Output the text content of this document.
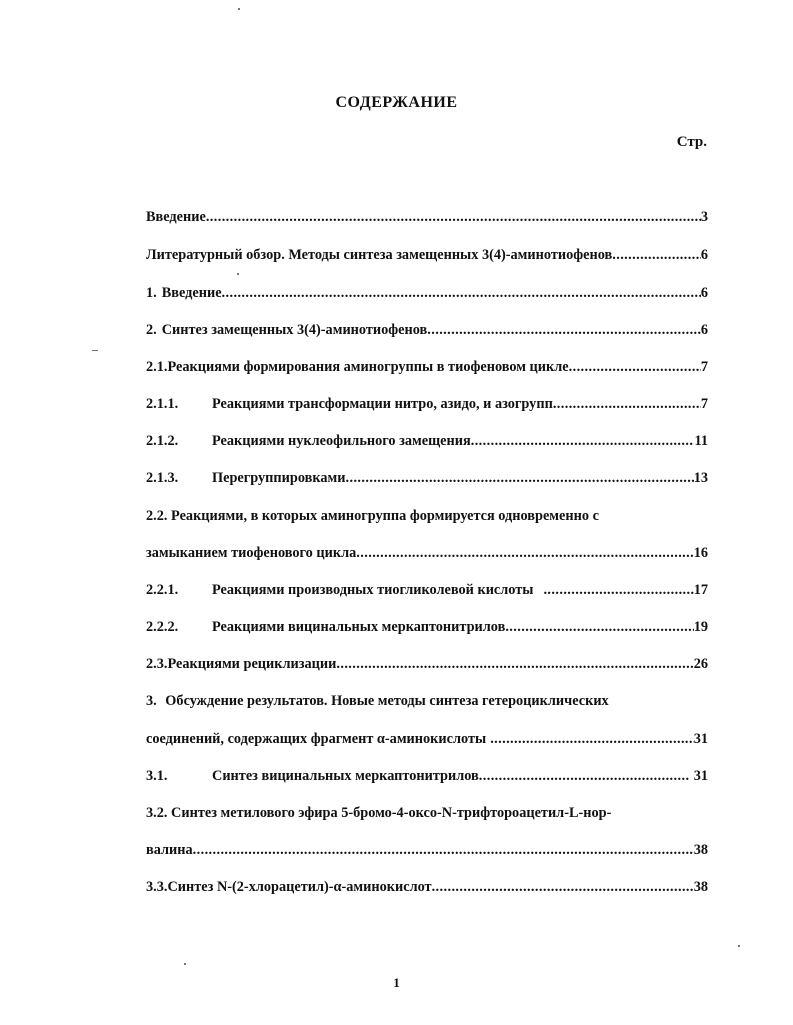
СОДЕРЖАНИЕ
Стр.
Введение .....	3
Литературный обзор. Методы синтеза замещенных 3(4)-аминотиофенов .....	6
1. Введение .....	6
2. Синтез замещенных 3(4)-аминотиофенов .....	6
2.1. Реакциями формирования аминогруппы в тиофеновом цикле .....	7
2.1.1.	Реакциями трансформации нитро, азидо, и азогрупп .....	7
2.1.2.	Реакциями нуклеофильного замещения .....	11
2.1.3.	Перегруппировками .....	13
2.2. Реакциями, в которых аминогруппа формируется одновременно с
замыканием тиофенового цикла .....	16
2.2.1.	Реакциями производных тиогликолевой кислоты .....	17
2.2.2.	Реакциями вицинальных меркаптонитрилов .....	19
2.3. Реакциями рециклизации .....	26
3. Обсуждение результатов. Новые методы синтеза гетероциклических
соединений, содержащих фрагмент α-аминокислоты .....	31
3.1.	Синтез вицинальных меркаптонитрилов .....	31
3.2. Синтез метилового эфира 5-бромо-4-оксо-N-трифтороацетил-L-нор-
валина .....	38
3.3. Синтез N-(2-хлорацетил)-α-аминокислот .....	38
1
